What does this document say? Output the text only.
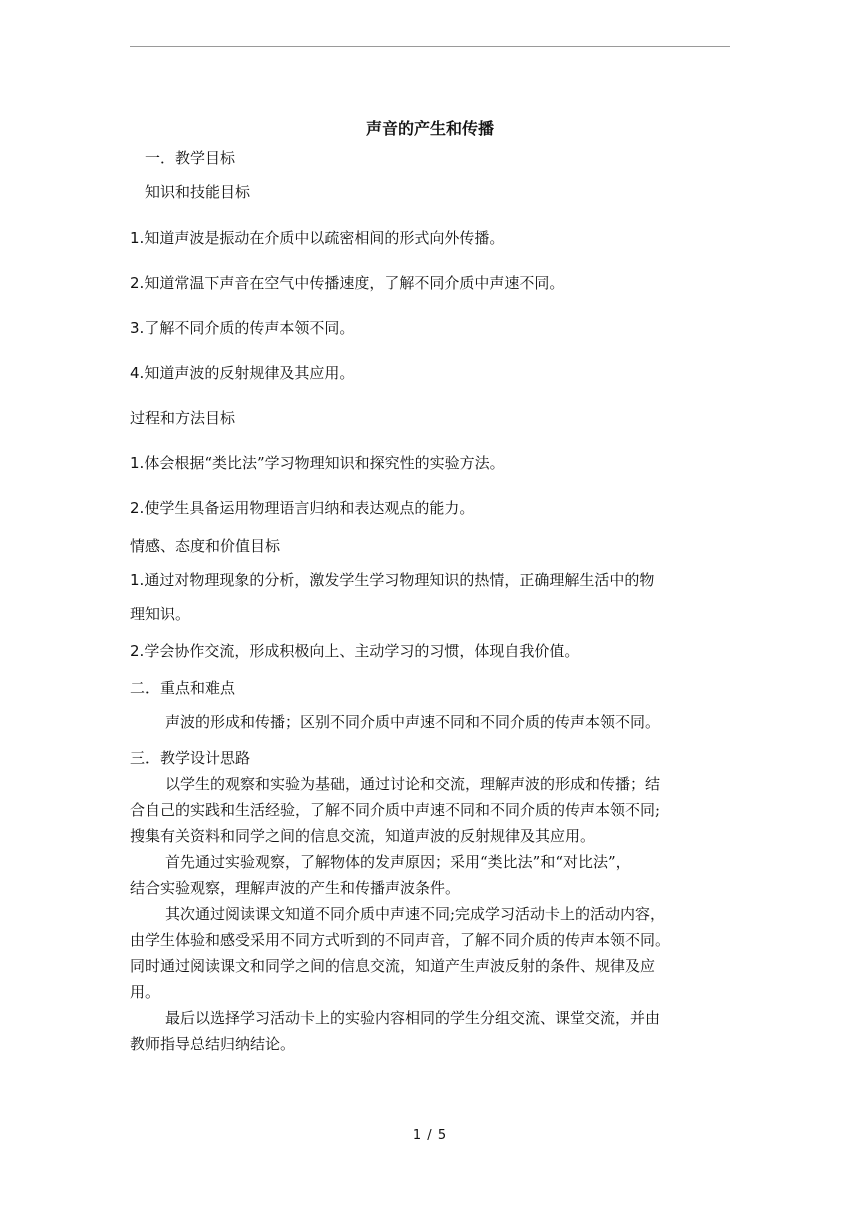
声音的产生和传播
一．教学目标
知识和技能目标
1.知道声波是振动在介质中以疏密相间的形式向外传播。
2.知道常温下声音在空气中传播速度，了解不同介质中声速不同。
3.了解不同介质的传声本领不同。
4.知道声波的反射规律及其应用。
过程和方法目标
1.体会根据“类比法”学习物理知识和探究性的实验方法。
2.使学生具备运用物理语言归纳和表达观点的能力。
情感、态度和价值目标
1.通过对物理现象的分析，激发学生学习物理知识的热情，正确理解生活中的物
理知识。
2.学会协作交流，形成积极向上、主动学习的习惯，体现自我价值。
二．重点和难点
声波的形成和传播；区别不同介质中声速不同和不同介质的传声本领不同。
三．教学设计思路
以学生的观察和实验为基础，通过讨论和交流，理解声波的形成和传播；结
合自己的实践和生活经验，了解不同介质中声速不同和不同介质的传声本领不同;
搜集有关资料和同学之间的信息交流，知道声波的反射规律及其应用。
首先通过实验观察，了解物体的发声原因；采用“类比法”和“对比法”，
结合实验观察，理解声波的产生和传播声波条件。
其次通过阅读课文知道不同介质中声速不同;完成学习活动卡上的活动内容，
由学生体验和感受采用不同方式听到的不同声音，了解不同介质的传声本领不同。
同时通过阅读课文和同学之间的信息交流，知道产生声波反射的条件、规律及应
用。
最后以选择学习活动卡上的实验内容相同的学生分组交流、课堂交流，并由
教师指导总结归纳结论。
1 / 5
